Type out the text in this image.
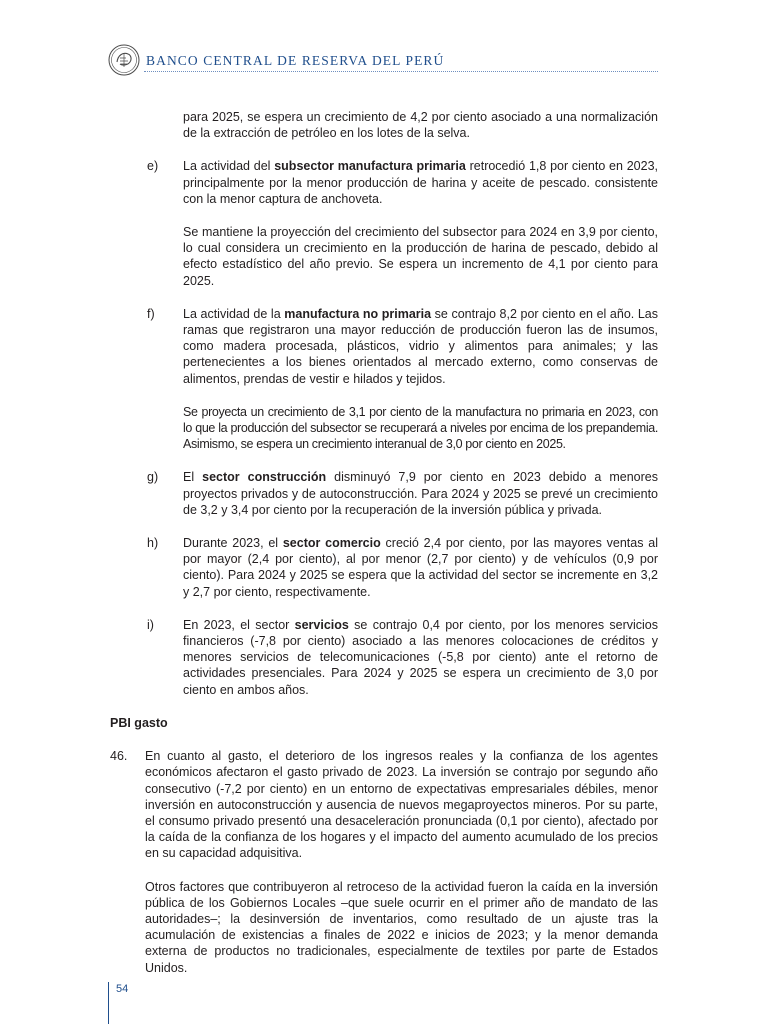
BANCO CENTRAL DE RESERVA DEL PERÚ

para 2025, se espera un crecimiento de 4,2 por ciento asociado a una normalización de la extracción de petróleo en los lotes de la selva.

e) La actividad del subsector manufactura primaria retrocedió 1,8 por ciento en 2023, principalmente por la menor producción de harina y aceite de pescado. consistente con la menor captura de anchoveta.

Se mantiene la proyección del crecimiento del subsector para 2024 en 3,9 por ciento, lo cual considera un crecimiento en la producción de harina de pescado, debido al efecto estadístico del año previo. Se espera un incremento de 4,1 por ciento para 2025.

f) La actividad de la manufactura no primaria se contrajo 8,2 por ciento en el año. Las ramas que registraron una mayor reducción de producción fueron las de insumos, como madera procesada, plásticos, vidrio y alimentos para animales; y las pertenecientes a los bienes orientados al mercado externo, como conservas de alimentos, prendas de vestir e hilados y tejidos.

Se proyecta un crecimiento de 3,1 por ciento de la manufactura no primaria en 2023, con lo que la producción del subsector se recuperará a niveles por encima de los prepandemia. Asimismo, se espera un crecimiento interanual de 3,0 por ciento en 2025.

g) El sector construcción disminuyó 7,9 por ciento en 2023 debido a menores proyectos privados y de autoconstrucción. Para 2024 y 2025 se prevé un crecimiento de 3,2 y 3,4 por ciento por la recuperación de la inversión pública y privada.

h) Durante 2023, el sector comercio creció 2,4 por ciento, por las mayores ventas al por mayor (2,4 por ciento), al por menor (2,7 por ciento) y de vehículos (0,9 por ciento). Para 2024 y 2025 se espera que la actividad del sector se incremente en 3,2 y 2,7 por ciento, respectivamente.

i) En 2023, el sector servicios se contrajo 0,4 por ciento, por los menores servicios financieros (-7,8 por ciento) asociado a las menores colocaciones de créditos y menores servicios de telecomunicaciones (-5,8 por ciento) ante el retorno de actividades presenciales. Para 2024 y 2025 se espera un crecimiento de 3,0 por ciento en ambos años.

PBI gasto

46. En cuanto al gasto, el deterioro de los ingresos reales y la confianza de los agentes económicos afectaron el gasto privado de 2023. La inversión se contrajo por segundo año consecutivo (-7,2 por ciento) en un entorno de expectativas empresariales débiles, menor inversión en autoconstrucción y ausencia de nuevos megaproyectos mineros. Por su parte, el consumo privado presentó una desaceleración pronunciada (0,1 por ciento), afectado por la caída de la confianza de los hogares y el impacto del aumento acumulado de los precios en su capacidad adquisitiva.

Otros factores que contribuyeron al retroceso de la actividad fueron la caída en la inversión pública de los Gobiernos Locales –que suele ocurrir en el primer año de mandato de las autoridades–; la desinversión de inventarios, como resultado de un ajuste tras la acumulación de existencias a finales de 2022 e inicios de 2023; y la menor demanda externa de productos no tradicionales, especialmente de textiles por parte de Estados Unidos.

54
